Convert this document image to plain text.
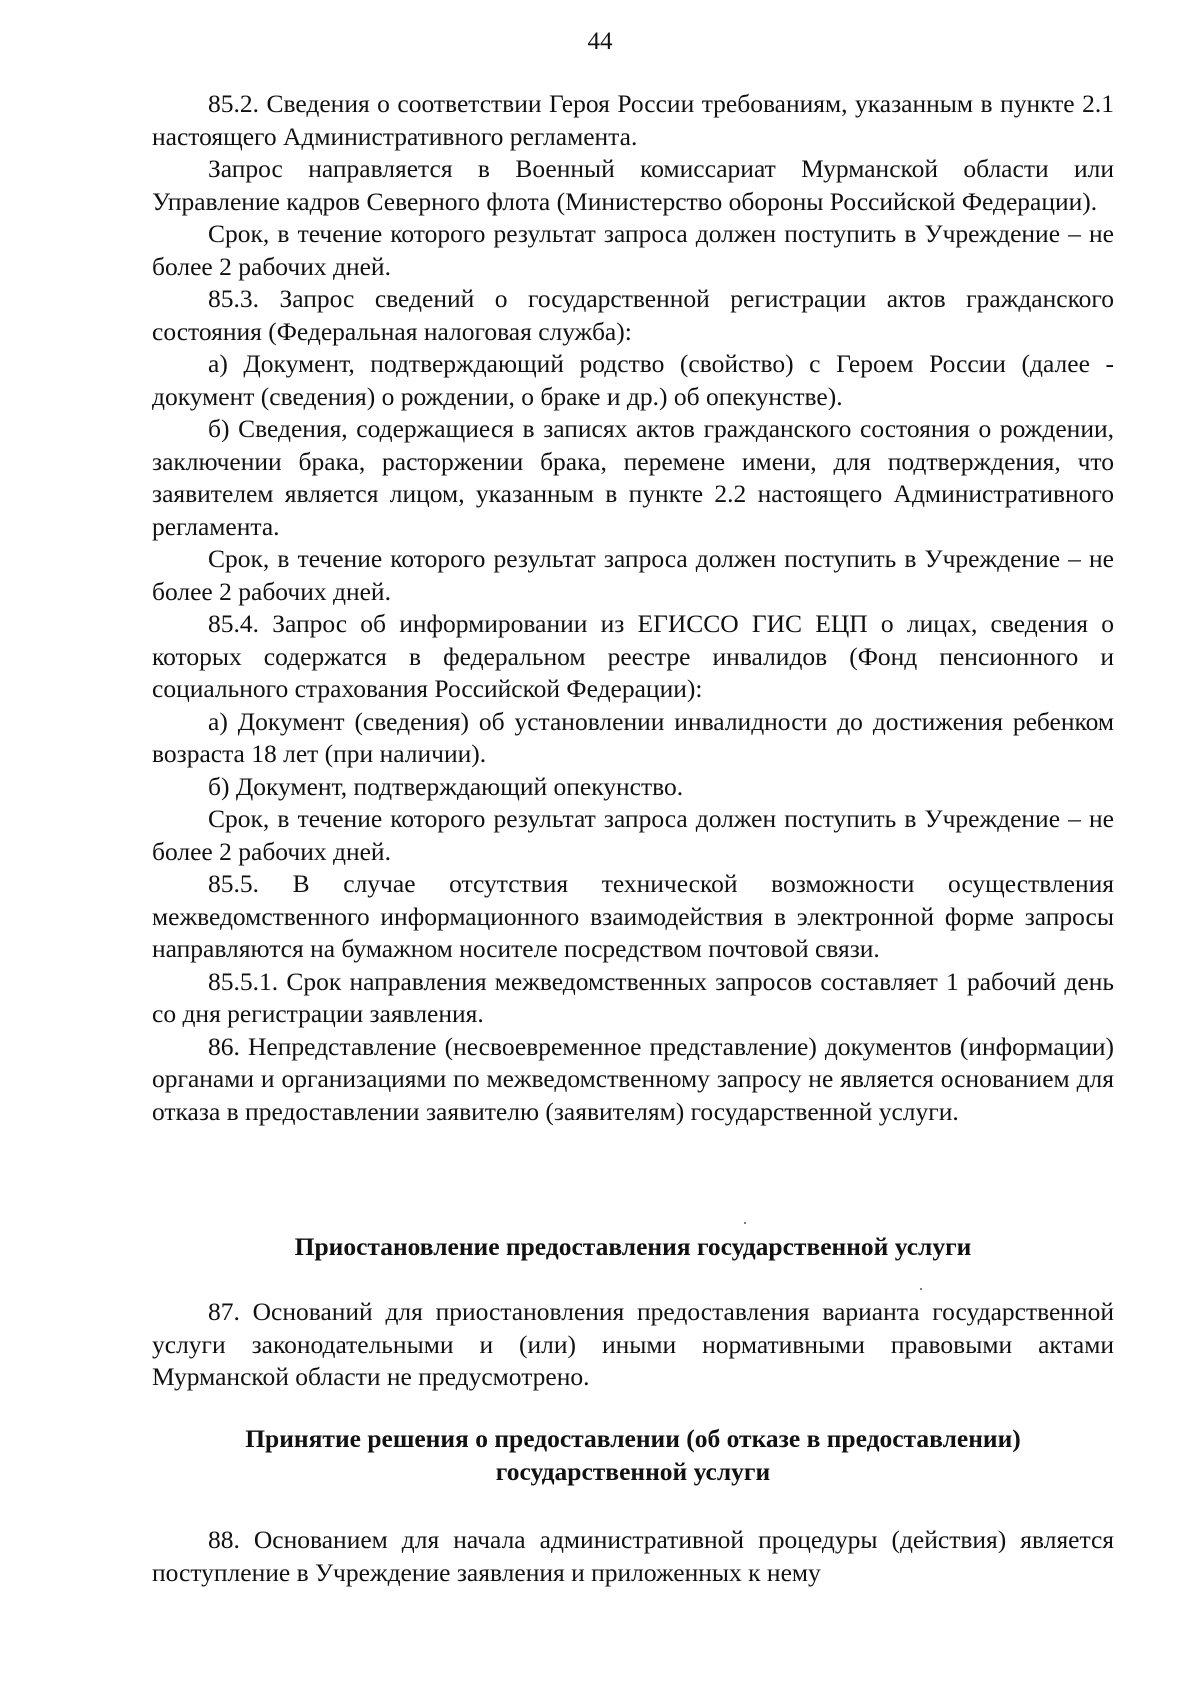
44

85.2. Сведения о соответствии Героя России требованиям, указанным в пункте 2.1 настоящего Административного регламента.

Запрос направляется в Военный комиссариат Мурманской области или Управление кадров Северного флота (Министерство обороны Российской Федерации).

Срок, в течение которого результат запроса должен поступить в Учреждение – не более 2 рабочих дней.

85.3. Запрос сведений о государственной регистрации актов гражданского состояния (Федеральная налоговая служба):

а) Документ, подтверждающий родство (свойство) с Героем России (далее - документ (сведения) о рождении, о браке и др.) об опекунстве).

б) Сведения, содержащиеся в записях актов гражданского состояния о рождении, заключении брака, расторжении брака, перемене имени, для подтверждения, что заявителем является лицом, указанным в пункте 2.2 настоящего Административного регламента.

Срок, в течение которого результат запроса должен поступить в Учреждение – не более 2 рабочих дней.

85.4. Запрос об информировании из ЕГИССО ГИС ЕЦП о лицах, сведения о которых содержатся в федеральном реестре инвалидов (Фонд пенсионного и социального страхования Российской Федерации):

а) Документ (сведения) об установлении инвалидности до достижения ребенком возраста 18 лет (при наличии).

б) Документ, подтверждающий опекунство.

Срок, в течение которого результат запроса должен поступить в Учреждение – не более 2 рабочих дней.

85.5. В случае отсутствия технической возможности осуществления межведомственного информационного взаимодействия в электронной форме запросы направляются на бумажном носителе посредством почтовой связи.

85.5.1. Срок направления межведомственных запросов составляет 1 рабочий день со дня регистрации заявления.

86. Непредставление (несвоевременное представление) документов (информации) органами и организациями по межведомственному запросу не является основанием для отказа в предоставлении заявителю (заявителям) государственной услуги.

Приостановление предоставления государственной услуги

87. Оснований для приостановления предоставления варианта государственной услуги законодательными и (или) иными нормативными правовыми актами Мурманской области не предусмотрено.

Принятие решения о предоставлении (об отказе в предоставлении) государственной услуги

88. Основанием для начала административной процедуры (действия) является поступление в Учреждение заявления и приложенных к нему
